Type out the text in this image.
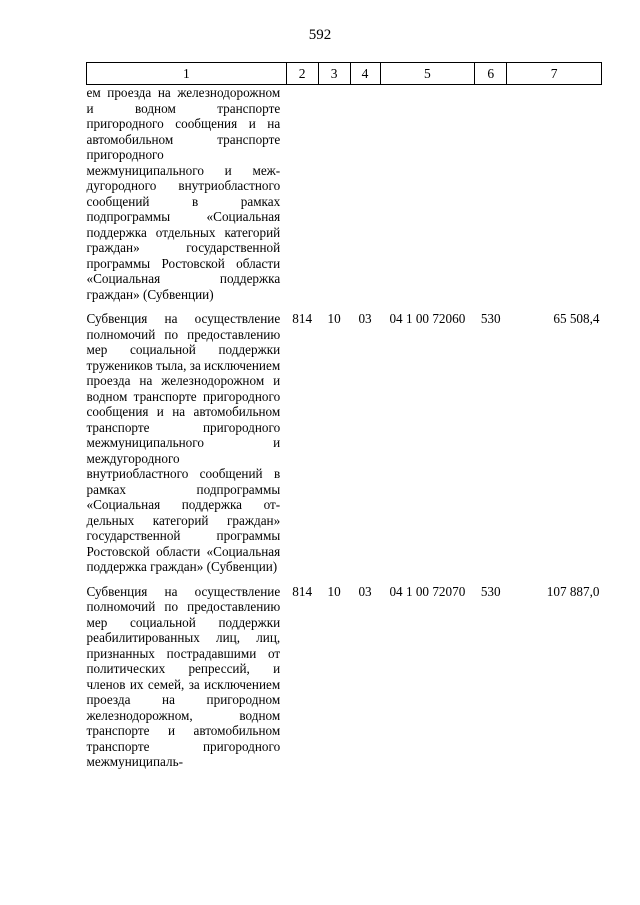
592
1	2	3	4	5	6	7

ем проезда на железнодорожном и водном транспорте пригородного сообщения и на автомобильном транспорте пригородного межмуниципального и междугородного внутриобластного сообщений в рамках подпрограммы «Социальная поддержка отдельных категорий граждан» государственной программы Ростовской области «Социальная поддержка граждан» (Субвенции)						

Субвенция на осуществление полномочий по предоставлению мер социальной поддержки тружеников тыла, за исключением проезда на железнодорожном и водном транспорте пригородного сообщения и на автомобильном транспорте пригородного межмуниципального и междугородного внутриобластного сообщений в рамках подпрограммы «Социальная поддержка отдельных категорий граждан» государственной программы Ростовской области «Социальная поддержка граждан» (Субвенции)	814	10	03	04 1 00 72060	530	65 508,4

Субвенция на осуществление полномочий по предоставлению мер социальной поддержки реабилитированных лиц, лиц, признанных пострадавшими от политических репрессий, и членов их семей, за исключением проезда на пригородном железнодорожном, водном транспорте и автомобильном транспорте пригородного межмуниципаль-	814	10	03	04 1 00 72070	530	107 887,0
